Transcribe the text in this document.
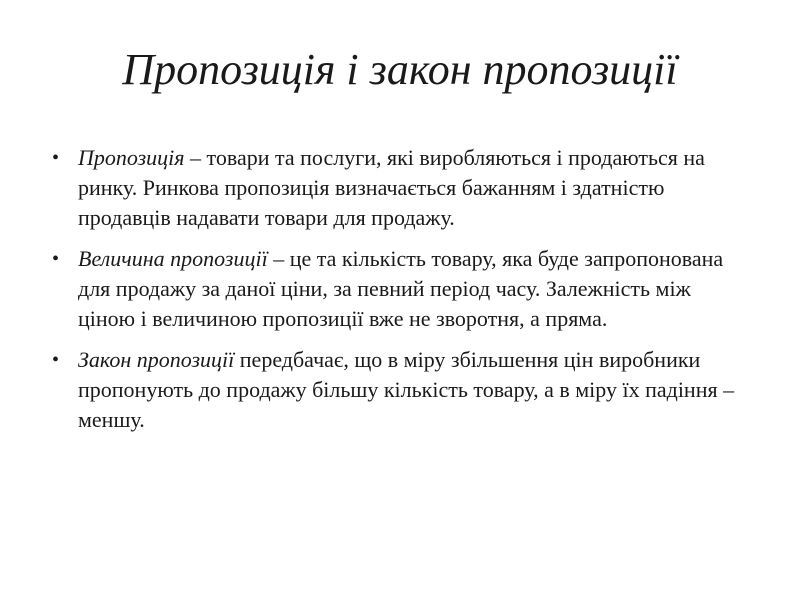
Пропозиція і закон пропозиції
• Пропозиція – товари та послуги, які виробляються і продаються на ринку. Ринкова пропозиція визначається бажанням і здатністю продавців надавати товари для продажу.
• Величина пропозиції – це та кількість товару, яка буде запропонована для продажу за даної ціни, за певний період часу. Залежність між ціною і величиною пропозиції вже не зворотня, а пряма.
• Закон пропозиції передбачає, що в міру збільшення цін виробники пропонують до продажу більшу кількість товару, а в міру їх падіння – меншу.
